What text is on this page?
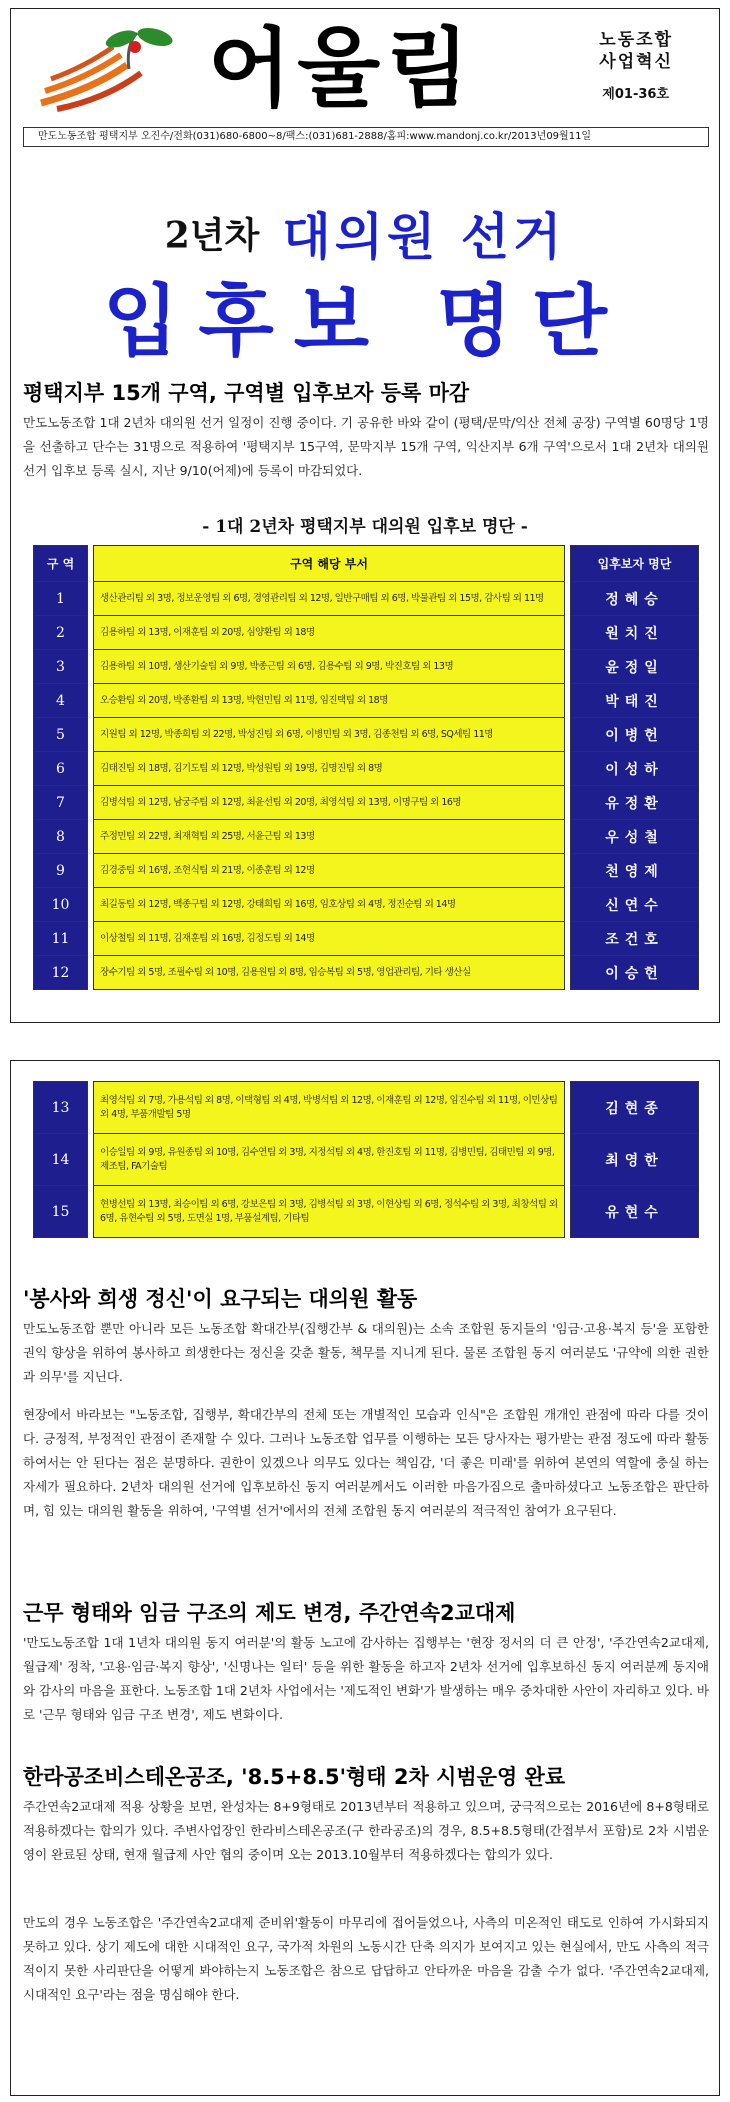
어울림	노동조합
사업혁신
제01-36호
만도노동조합 평택지부 오진수/전화(031)680-6800~8/팩스:(031)681-2888/홈피:www.mandonj.co.kr/2013년09월11일
2년차 대의원 선거
입후보 명단
평택지부 15개 구역, 구역별 입후보자 등록 마감
만도노동조합 1대 2년차 대의원 선거 일정이 진행 중이다. 기 공유한 바와 같이 (평택/문막/익산 전체 공장) 구역별 60명당 1명을 선출하고 단수는 31명으로 적용하여 '평택지부 15구역, 문막지부 15개 구역, 익산지부 6개 구역'으로서 1대 2년차 대의원 선거 입후보 등록 실시, 지난 9/10(어제)에 등록이 마감되었다.
- 1대 2년차 평택지부 대의원 입후보 명단 -
구 역		구역 해당 부서		입후보자 명단
1		생산관리팀 외 3명, 정보운영팀 외 6명, 경영관리팀 외 12명, 일반구매팀 외 6명, 박물관팀 외 15명, 감사팀 외 11명		정혜승
2		김용하팀 외 13명, 이재훈팀 외 20명, 심양환팀 외 18명		원치진
3		김용하팀 외 10명, 생산기술팀 외 9명, 박종근팀 외 6명, 김용수팀 외 9명, 박진호팀 외 13명		윤정일
4		오승환팀 외 20명, 박종환팀 외 13명, 박현민팀 외 11명, 임진택팀 외 18명		박태진
5		지원팀 외 12명, 박종희팀 외 22명, 박성진팀 외 6명, 이병민팀 외 3명, 김종천팀 외 6명, SQ세팀 11명		이병헌
6		김태진팀 외 18명, 김기도팀 외 12명, 박성원팀 외 19명, 김명진팀 외 8명		이성하
7		김병석팀 외 12명, 남궁주팀 외 12명, 최윤선팀 외 20명, 최영석팀 외 13명, 이명구팀 외 16명		유정환
8		주정민팀 외 22명, 최재혁팀 외 25명, 서윤근팀 외 13명		우성철
9		김경중팀 외 16명, 조현식팀 외 21명, 이종훈팀 외 12명		천영제
10		최길동팀 외 12명, 백종구팀 외 12명, 강태희팀 외 16명, 임호상팀 외 4명, 정진순팀 외 14명		신연수
11		이상철팀 외 11명, 김재훈팀 외 16명, 김정도팀 외 14명		조건호
12		장수기팀 외 5명, 조필수팀 외 10명, 김용원팀 외 8명, 임승복팀 외 5명, 영업관리팀, 기타 생산실		이승헌
13		최영석팀 외 7명, 가용석팀 외 8명, 이택형팀 외 4명, 박병석팀 외 12명, 이재훈팀 외 12명, 임진수팀 외 11명, 이민상팀 외 4명, 부품개발팀 5명		김현종
14		이승일팀 외 9명, 유원종팀 외 10명, 김수연팀 외 3명, 지정석팀 외 4명, 한진호팀 외 11명, 김병민팀, 김태민팀 외 9명, 제조팀, FA기술팀		최영한
15		현병선팀 외 13명, 최승이팀 외 6명, 강보은팀 외 3명, 김병석팀 외 3명, 이현상팀 외 6명, 정석수팀 외 3명, 최창석팀 외 6명, 유현수팀 외 5명, 도면실 1명, 부품설계팀, 기타팀		유현수
'봉사와 희생 정신'이 요구되는 대의원 활동
만도노동조합 뿐만 아니라 모든 노동조합 확대간부(집행간부 & 대의원)는 소속 조합원 동지들의 '임금·고용·복지 등'을 포함한 권익 향상을 위하여 봉사하고 희생한다는 정신을 갖춘 활동, 책무를 지니게 된다. 물론 조합원 동지 여러분도 '규약에 의한 권한과 의무'를 지닌다.
현장에서 바라보는 "노동조합, 집행부, 확대간부의 전체 또는 개별적인 모습과 인식"은 조합원 개개인 관점에 따라 다를 것이다. 긍정적, 부정적인 관점이 존재할 수 있다. 그러나 노동조합 업무를 이행하는 모든 당사자는 평가받는 관점 정도에 따라 활동하여서는 안 된다는 점은 분명하다. 권한이 있겠으나 의무도 있다는 책임감, '더 좋은 미래'를 위하여 본연의 역할에 충실 하는 자세가 필요하다. 2년차 대의원 선거에 입후보하신 동지 여러분께서도 이러한 마음가짐으로 출마하셨다고 노동조합은 판단하며, 힘 있는 대의원 활동을 위하여, '구역별 선거'에서의 전체 조합원 동지 여러분의 적극적인 참여가 요구된다.
근무 형태와 임금 구조의 제도 변경, 주간연속2교대제
'만도노동조합 1대 1년차 대의원 동지 여러분'의 활동 노고에 감사하는 집행부는 '현장 정서의 더 큰 안정', '주간연속2교대제, 월급제' 정착, '고용·임금·복지 향상', '신명나는 일터' 등을 위한 활동을 하고자 2년차 선거에 입후보하신 동지 여러분께 동지애와 감사의 마음을 표한다. 노동조합 1대 2년차 사업에서는 '제도적인 변화'가 발생하는 매우 중차대한 사안이 자리하고 있다. 바로 '근무 형태와 임금 구조 변경', 제도 변화이다.
한라공조비스테온공조, '8.5+8.5'형태 2차 시범운영 완료
주간연속2교대제 적용 상황을 보면, 완성차는 8+9형태로 2013년부터 적용하고 있으며, 궁극적으로는 2016년에 8+8형태로 적용하겠다는 합의가 있다. 주변사업장인 한라비스테온공조(구 한라공조)의 경우, 8.5+8.5형태(간접부서 포함)로 2차 시범운영이 완료된 상태, 현재 월급제 사안 협의 중이며 오는 2013.10월부터 적용하겠다는 합의가 있다.
만도의 경우 노동조합은 '주간연속2교대제 준비위'활동이 마무리에 접어들었으나, 사측의 미온적인 태도로 인하여 가시화되지 못하고 있다. 상기 제도에 대한 시대적인 요구, 국가적 차원의 노동시간 단축 의지가 보여지고 있는 현실에서, 만도 사측의 적극적이지 못한 사리판단을 어떻게 봐야하는지 노동조합은 참으로 답답하고 안타까운 마음을 감출 수가 없다. '주간연속2교대제, 시대적인 요구'라는 점을 명심해야 한다.
